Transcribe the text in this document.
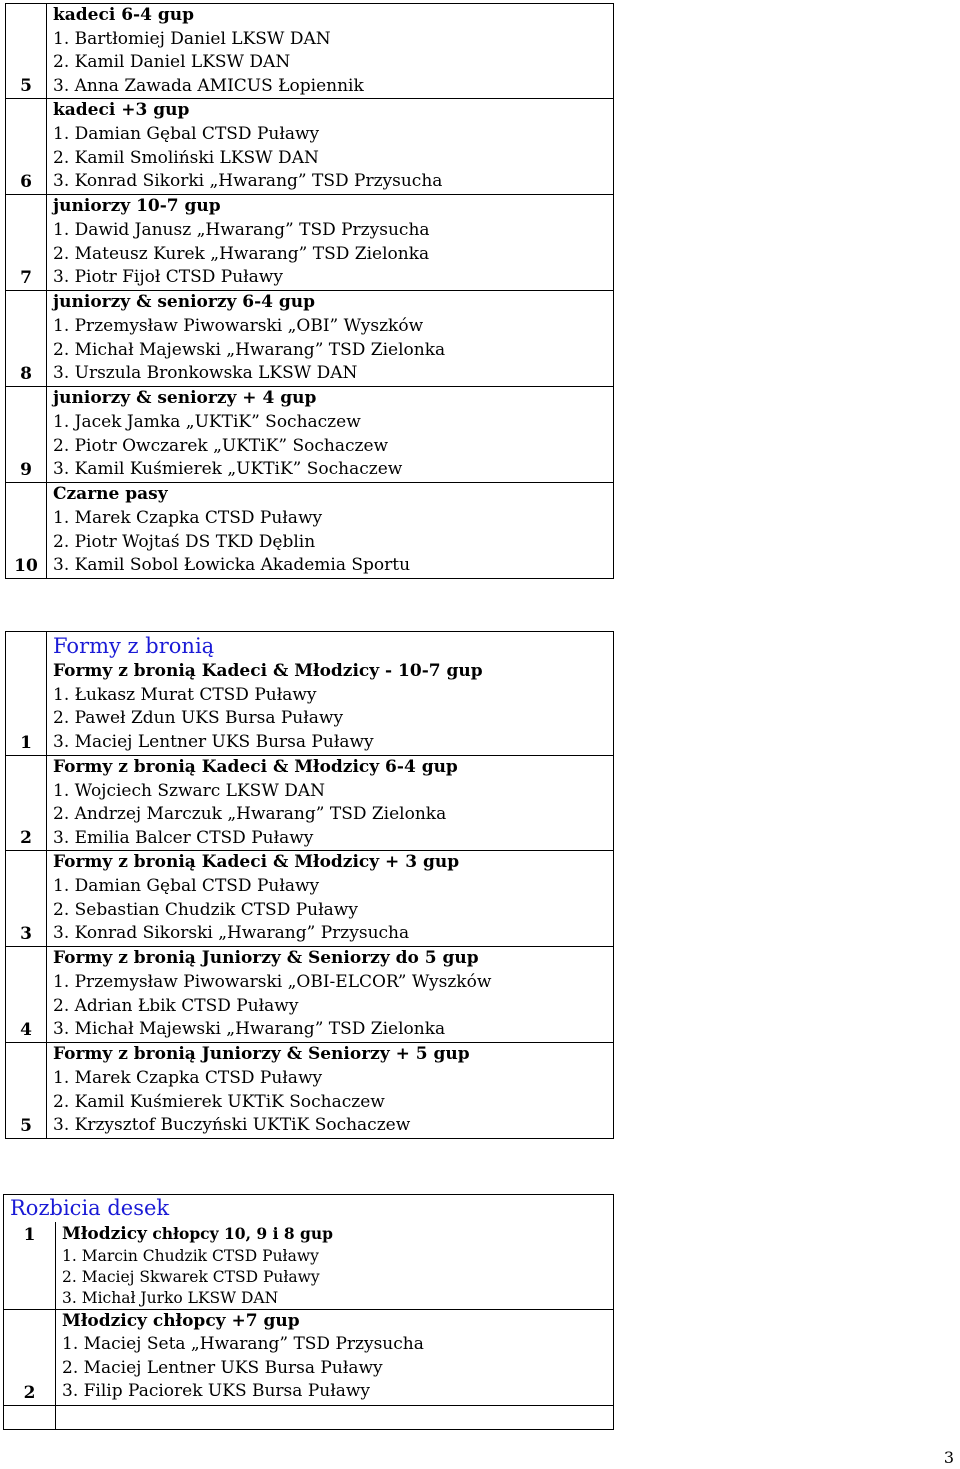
5	kadeci 6-4 gup
1. Bartłomiej Daniel LKSW DAN
2. Kamil Daniel LKSW DAN
3. Anna Zawada AMICUS Łopiennik

6	kadeci +3 gup
1. Damian Gębal CTSD Puławy
2. Kamil Smoliński LKSW DAN
3. Konrad Sikorki „Hwarang” TSD Przysucha

7	juniorzy 10-7 gup
1. Dawid Janusz „Hwarang” TSD Przysucha
2. Mateusz Kurek „Hwarang” TSD Zielonka
3. Piotr Fijoł CTSD Puławy

8	juniorzy & seniorzy 6-4 gup
1. Przemysław Piwowarski „OBI” Wyszków
2. Michał Majewski „Hwarang” TSD Zielonka
3. Urszula Bronkowska LKSW DAN

9	juniorzy & seniorzy + 4 gup
1. Jacek Jamka „UKTiK” Sochaczew
2. Piotr Owczarek „UKTiK” Sochaczew
3. Kamil Kuśmierek „UKTiK” Sochaczew

10	Czarne pasy
1. Marek Czapka CTSD Puławy
2. Piotr Wojtaś DS TKD Dęblin
3. Kamil Sobol Łowicka Akademia Sportu
1	Formy z bronią
Formy z bronią Kadeci & Młodzicy - 10-7 gup
1. Łukasz Murat CTSD Puławy
2. Paweł Zdun UKS Bursa Puławy
3. Maciej Lentner UKS Bursa Puławy

2	Formy z bronią Kadeci & Młodzicy 6-4 gup
1. Wojciech Szwarc LKSW DAN
2. Andrzej Marczuk „Hwarang” TSD Zielonka
3. Emilia Balcer CTSD Puławy

3	Formy z bronią Kadeci & Młodzicy + 3 gup
1. Damian Gębal CTSD Puławy
2. Sebastian Chudzik CTSD Puławy
3. Konrad Sikorski „Hwarang” Przysucha

4	Formy z bronią Juniorzy & Seniorzy do 5 gup
1. Przemysław Piwowarski „OBI-ELCOR” Wyszków
2. Adrian Łbik CTSD Puławy
3. Michał Majewski „Hwarang” TSD Zielonka

5	Formy z bronią Juniorzy & Seniorzy + 5 gup
1. Marek Czapka CTSD Puławy
2. Kamil Kuśmierek UKTiK Sochaczew
3. Krzysztof Buczyński UKTiK Sochaczew
Rozbicia desek	

1	Młodzicy chłopcy 10, 9 i 8 gup
1. Marcin Chudzik CTSD Puławy
2. Maciej Skwarek CTSD Puławy
3. Michał Jurko LKSW DAN

2	Młodzicy chłopcy +7 gup
1. Maciej Seta „Hwarang” TSD Przysucha
2. Maciej Lentner UKS Bursa Puławy
3. Filip Paciorek UKS Bursa Puławy

3
